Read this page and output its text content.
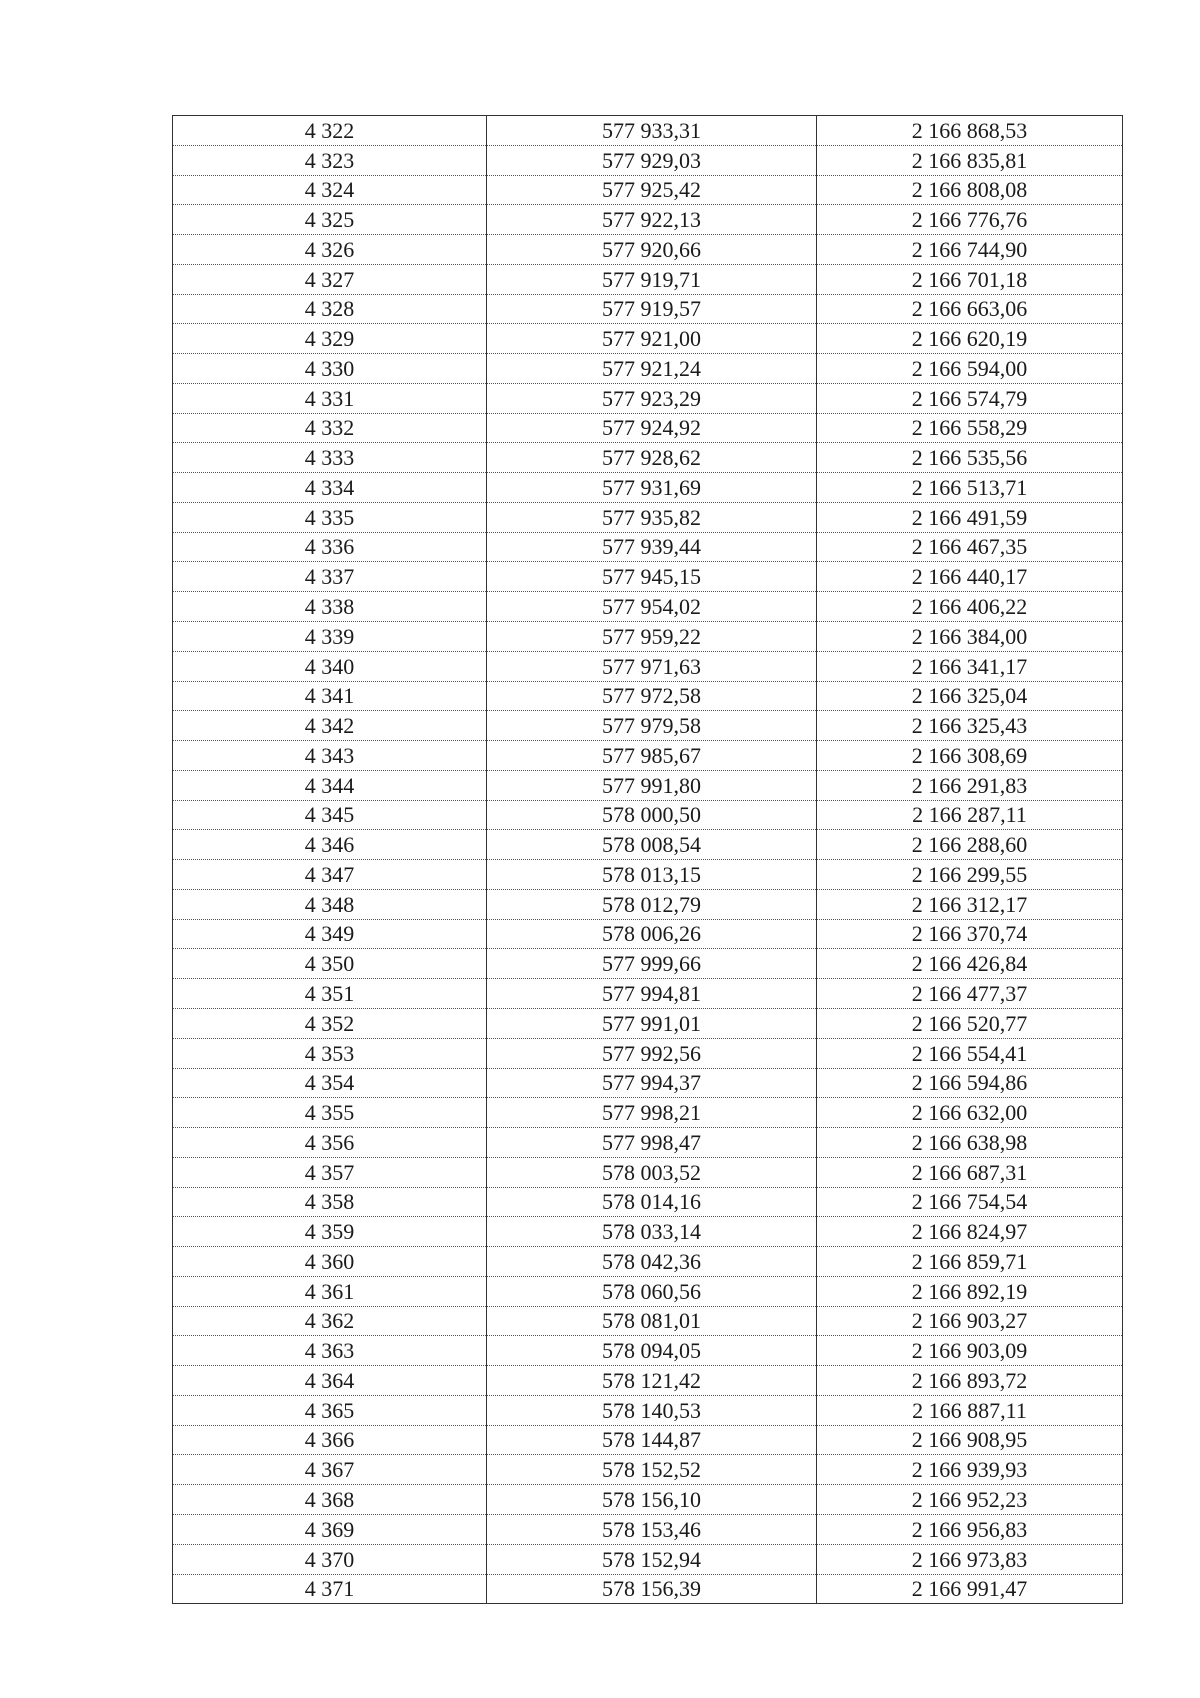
4 322	577 933,31	2 166 868,53
4 323	577 929,03	2 166 835,81
4 324	577 925,42	2 166 808,08
4 325	577 922,13	2 166 776,76
4 326	577 920,66	2 166 744,90
4 327	577 919,71	2 166 701,18
4 328	577 919,57	2 166 663,06
4 329	577 921,00	2 166 620,19
4 330	577 921,24	2 166 594,00
4 331	577 923,29	2 166 574,79
4 332	577 924,92	2 166 558,29
4 333	577 928,62	2 166 535,56
4 334	577 931,69	2 166 513,71
4 335	577 935,82	2 166 491,59
4 336	577 939,44	2 166 467,35
4 337	577 945,15	2 166 440,17
4 338	577 954,02	2 166 406,22
4 339	577 959,22	2 166 384,00
4 340	577 971,63	2 166 341,17
4 341	577 972,58	2 166 325,04
4 342	577 979,58	2 166 325,43
4 343	577 985,67	2 166 308,69
4 344	577 991,80	2 166 291,83
4 345	578 000,50	2 166 287,11
4 346	578 008,54	2 166 288,60
4 347	578 013,15	2 166 299,55
4 348	578 012,79	2 166 312,17
4 349	578 006,26	2 166 370,74
4 350	577 999,66	2 166 426,84
4 351	577 994,81	2 166 477,37
4 352	577 991,01	2 166 520,77
4 353	577 992,56	2 166 554,41
4 354	577 994,37	2 166 594,86
4 355	577 998,21	2 166 632,00
4 356	577 998,47	2 166 638,98
4 357	578 003,52	2 166 687,31
4 358	578 014,16	2 166 754,54
4 359	578 033,14	2 166 824,97
4 360	578 042,36	2 166 859,71
4 361	578 060,56	2 166 892,19
4 362	578 081,01	2 166 903,27
4 363	578 094,05	2 166 903,09
4 364	578 121,42	2 166 893,72
4 365	578 140,53	2 166 887,11
4 366	578 144,87	2 166 908,95
4 367	578 152,52	2 166 939,93
4 368	578 156,10	2 166 952,23
4 369	578 153,46	2 166 956,83
4 370	578 152,94	2 166 973,83
4 371	578 156,39	2 166 991,47
